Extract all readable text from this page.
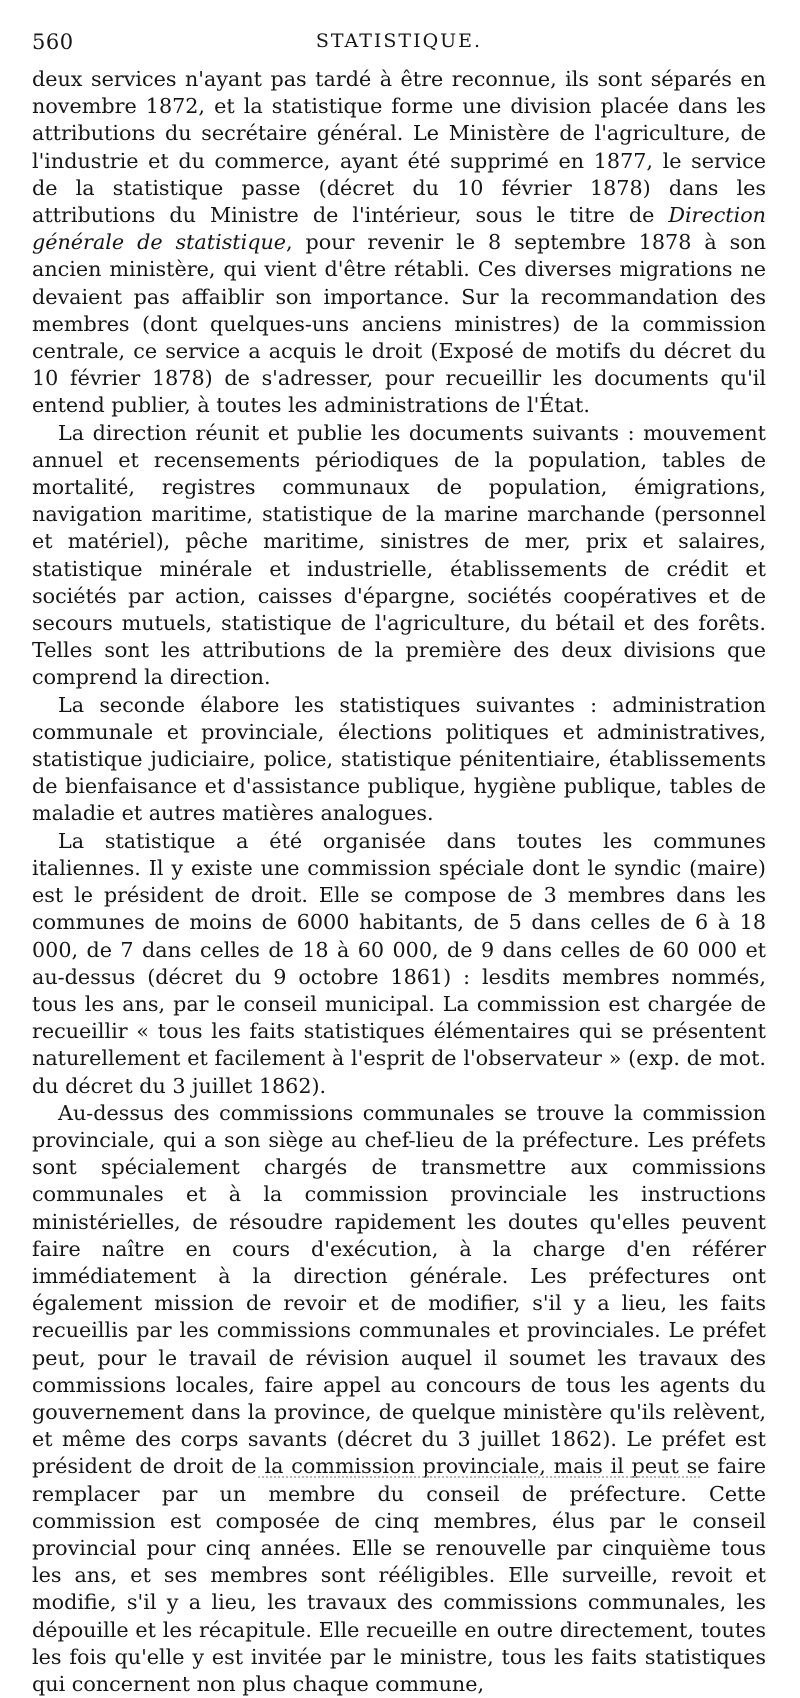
560	STATISTIQUE.

deux services n'ayant pas tardé à être reconnue, ils sont séparés en novembre 1872, et la statistique forme une division placée dans les attributions du secrétaire général. Le Ministère de l'agriculture, de l'industrie et du commerce, ayant été supprimé en 1877, le service de la statistique passe (décret du 10 février 1878) dans les attributions du Ministre de l'intérieur, sous le titre de Direction générale de statistique, pour revenir le 8 septembre 1878 à son ancien ministère, qui vient d'être rétabli. Ces diverses migrations ne devaient pas affaiblir son importance. Sur la recommandation des membres (dont quelques-uns anciens ministres) de la commission centrale, ce service a acquis le droit (Exposé de motifs du décret du 10 février 1878) de s'adresser, pour recueillir les documents qu'il entend publier, à toutes les administrations de l'État.

La direction réunit et publie les documents suivants : mouvement annuel et recensements périodiques de la population, tables de mortalité, registres communaux de population, émigrations, navigation maritime, statistique de la marine marchande (personnel et matériel), pêche maritime, sinistres de mer, prix et salaires, statistique minérale et industrielle, établissements de crédit et sociétés par action, caisses d'épargne, sociétés coopératives et de secours mutuels, statistique de l'agriculture, du bétail et des forêts. Telles sont les attributions de la première des deux divisions que comprend la direction.

La seconde élabore les statistiques suivantes : administration communale et provinciale, élections politiques et administratives, statistique judiciaire, police, statistique pénitentiaire, établissements de bienfaisance et d'assistance publique, hygiène publique, tables de maladie et autres matières analogues.

La statistique a été organisée dans toutes les communes italiennes. Il y existe une commission spéciale dont le syndic (maire) est le président de droit. Elle se compose de 3 membres dans les communes de moins de 6000 habitants, de 5 dans celles de 6 à 18 000, de 7 dans celles de 18 à 60 000, de 9 dans celles de 60 000 et au-dessus (décret du 9 octobre 1861) : lesdits membres nommés, tous les ans, par le conseil municipal. La commission est chargée de recueillir « tous les faits statistiques élémentaires qui se présentent naturellement et facilement à l'esprit de l'observateur » (exp. de mot. du décret du 3 juillet 1862).

Au-dessus des commissions communales se trouve la commission provinciale, qui a son siège au chef-lieu de la préfecture. Les préfets sont spécialement chargés de transmettre aux commissions communales et à la commission provinciale les instructions ministérielles, de résoudre rapidement les doutes qu'elles peuvent faire naître en cours d'exécution, à la charge d'en référer immédiatement à la direction générale. Les préfectures ont également mission de revoir et de modifier, s'il y a lieu, les faits recueillis par les commissions communales et provinciales. Le préfet peut, pour le travail de révision auquel il soumet les travaux des commissions locales, faire appel au concours de tous les agents du gouvernement dans la province, de quelque ministère qu'ils relèvent, et même des corps savants (décret du 3 juillet 1862). Le préfet est président de droit de la commission provinciale, mais il peut se faire remplacer par un membre du conseil de préfecture. Cette commission est composée de cinq membres, élus par le conseil provincial pour cinq années. Elle se renouvelle par cinquième tous les ans, et ses membres sont rééligibles. Elle surveille, revoit et modifie, s'il y a lieu, les travaux des commissions communales, les dépouille et les récapitule. Elle recueille en outre directement, toutes les fois qu'elle y est invitée par le ministre, tous les faits statistiques qui concernent non plus chaque commune,
